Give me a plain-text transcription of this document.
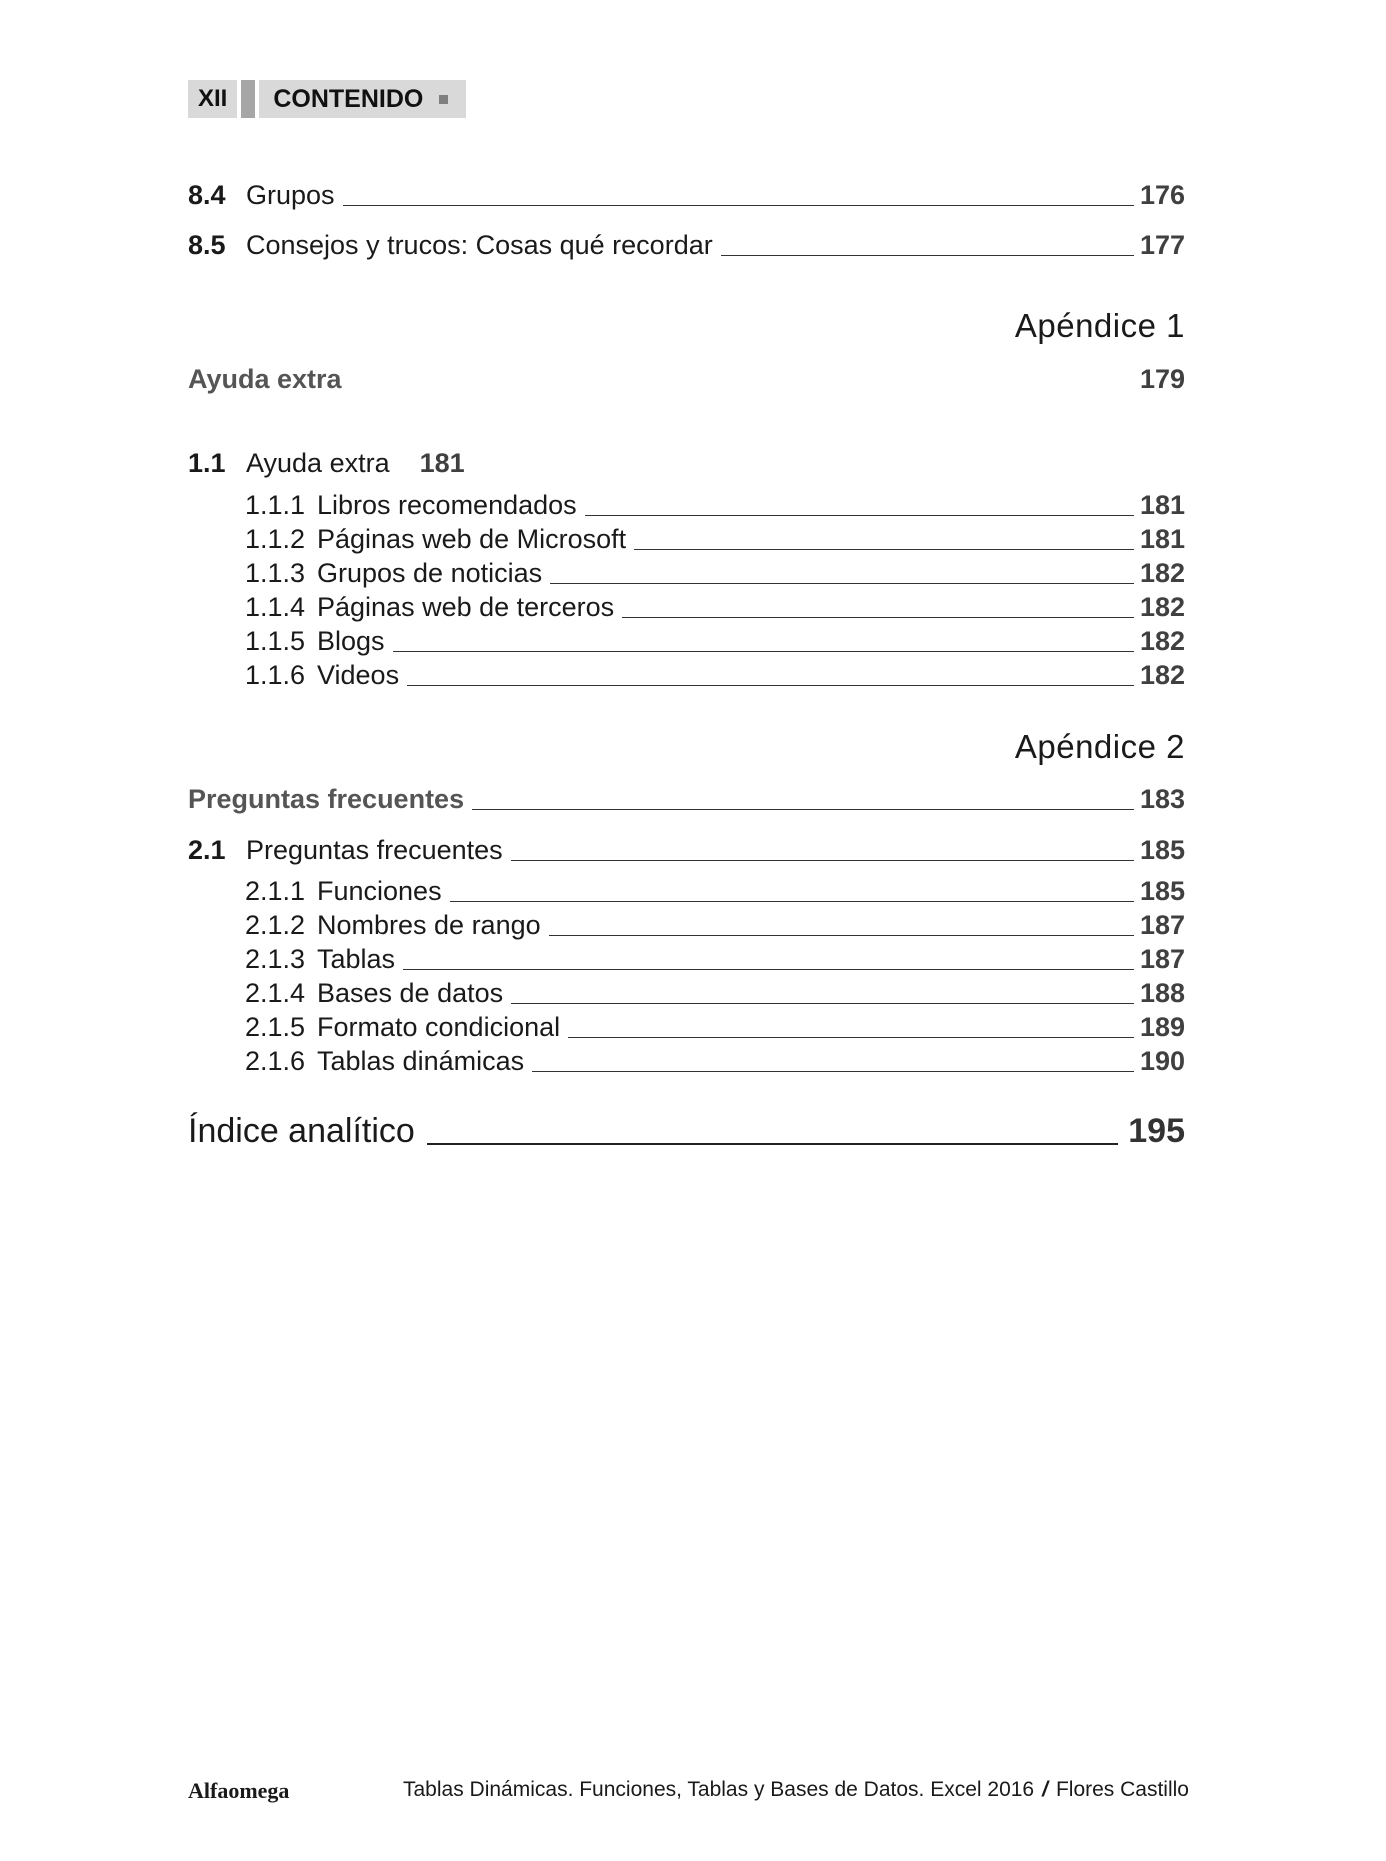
XII	CONTENIDO
8.4 Grupos	176
8.5 Consejos y trucos: Cosas qué recordar	177
Apéndice 1
Ayuda extra	179
1.1 Ayuda extra 181
1.1.1 Libros recomendados	181
1.1.2 Páginas web de Microsoft	181
1.1.3 Grupos de noticias	182
1.1.4 Páginas web de terceros	182
1.1.5 Blogs	182
1.1.6 Videos	182
Apéndice 2
Preguntas frecuentes	183
2.1 Preguntas frecuentes	185
2.1.1 Funciones	185
2.1.2 Nombres de rango	187
2.1.3 Tablas	187
2.1.4 Bases de datos	188
2.1.5 Formato condicional	189
2.1.6 Tablas dinámicas	190
Índice analítico	195
Alfaomega	Tablas Dinámicas. Funciones, Tablas y Bases de Datos. Excel 2016 / Flores Castillo
